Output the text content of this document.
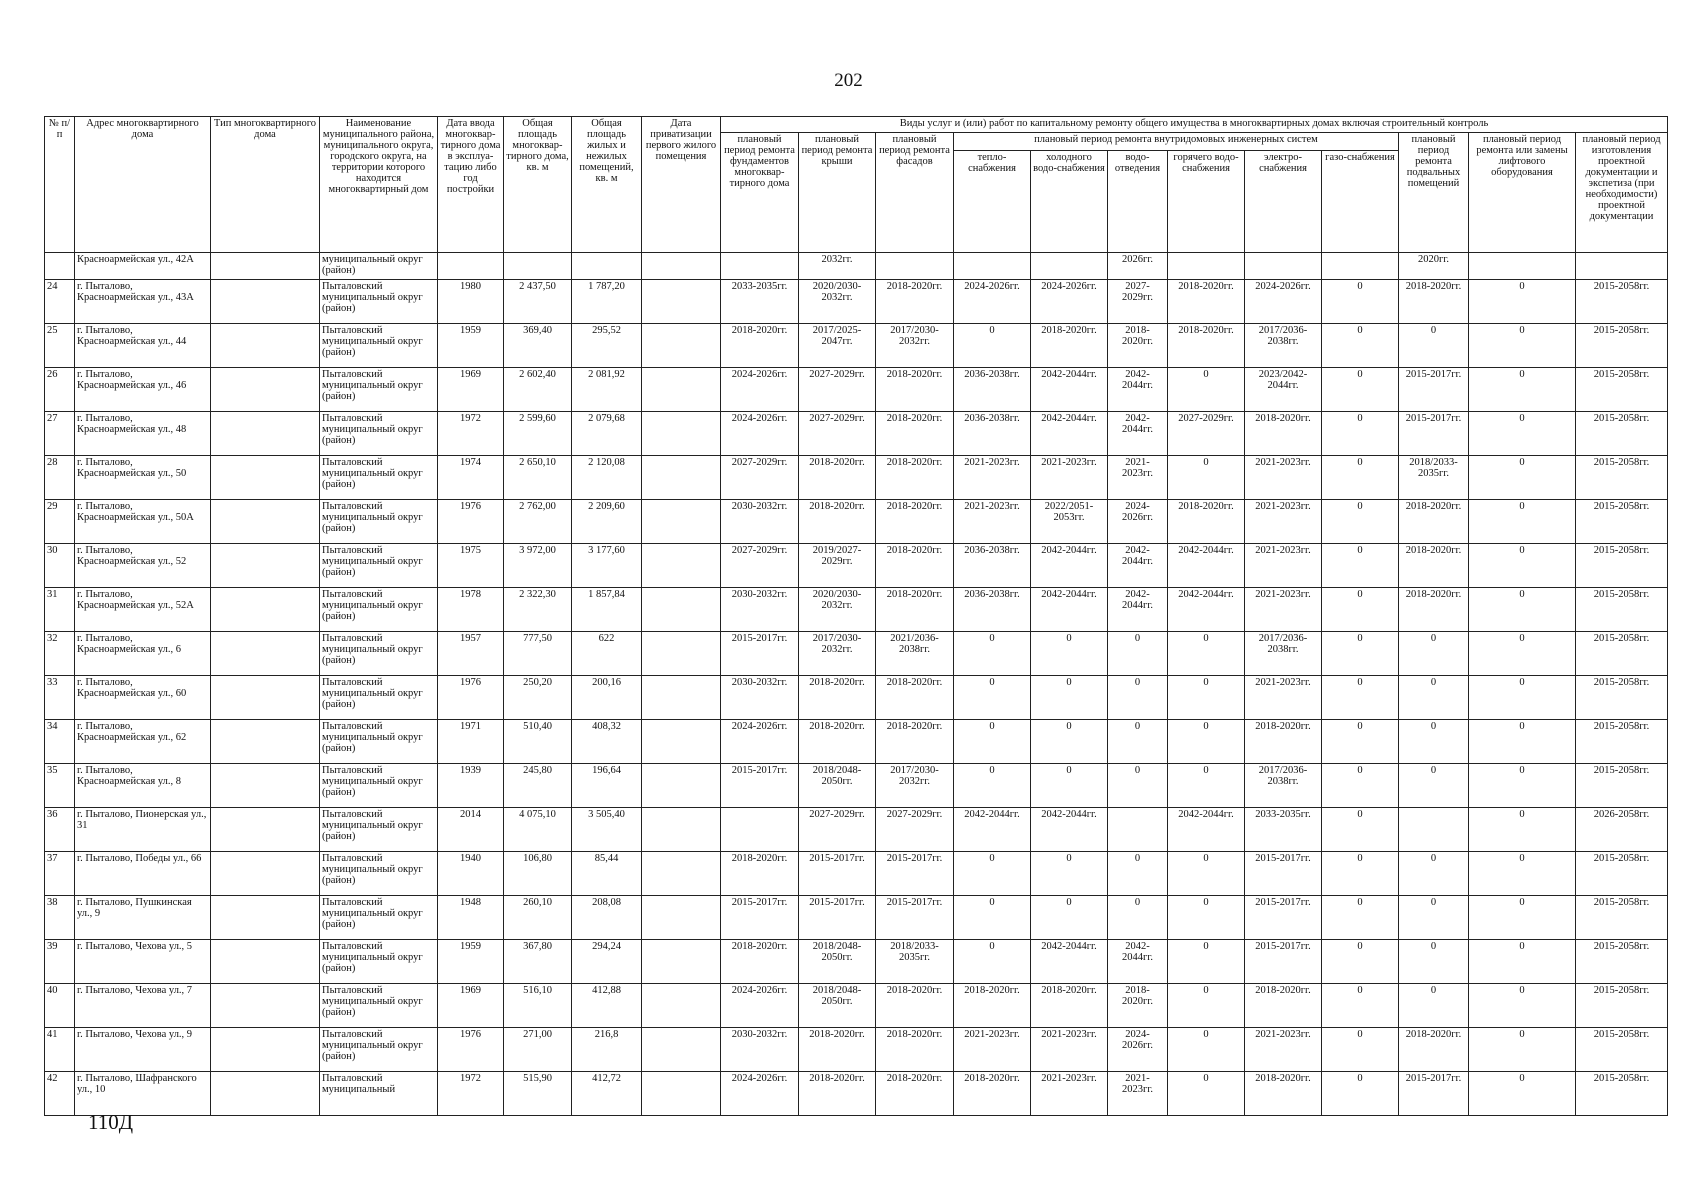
202
№ п/п	Адрес многоквартирного дома	Тип многоквартирного дома	Наименование муниципального района, муниципального округа, городского округа, на территории которого находится многоквартирный дом	Дата ввода многоквар-тирного дома в эксплуа-тацию либо год постройки	Общая площадь многоквар-тирного дома, кв. м	Общая площадь жилых и нежилых помещений, кв. м	Дата приватизации первого жилого помещения	Виды услуг и (или) работ по капитальному ремонту общего имущества в многоквартирных домах включая строительный контроль											
								плановый период ремонта фундаментов многоквар-тирного дома	плановый период ремонта крыши	плановый период ремонта фасадов	плановый период ремонта внутридомовых инженерных систем						плановый период ремонта подвальных помещений	плановый период ремонта или замены лифтового оборудования	плановый период изготовления проектной документации и экспетиза (при необходимости) проектной документации
											тепло-снабжения	холодного водо-снабжения	водо-отведения	горячего водо-снабжения	электро-снабжения	газо-снабжения			
	Красноармейская ул., 42А		муниципальный округ (район)						2032гг.				2026гг.				2020гг.		
24	г. Пыталово, Красноармейская ул., 43А		Пыталовский муниципальный округ (район)	1980	2 437,50	1 787,20		2033-2035гг.	2020/2030-2032гг.	2018-2020гг.	2024-2026гг.	2024-2026гг.	2027-2029гг.	2018-2020гг.	2024-2026гг.	0	2018-2020гг.	0	2015-2058гг.
25	г. Пыталово, Красноармейская ул., 44		Пыталовский муниципальный округ (район)	1959	369,40	295,52		2018-2020гг.	2017/2025-2047гг.	2017/2030-2032гг.	0	2018-2020гг.	2018-2020гг.	2018-2020гг.	2017/2036-2038гг.	0	0	0	2015-2058гг.
26	г. Пыталово, Красноармейская ул., 46		Пыталовский муниципальный округ (район)	1969	2 602,40	2 081,92		2024-2026гг.	2027-2029гг.	2018-2020гг.	2036-2038гг.	2042-2044гг.	2042-2044гг.	0	2023/2042-2044гг.	0	2015-2017гг.	0	2015-2058гг.
27	г. Пыталово, Красноармейская ул., 48		Пыталовский муниципальный округ (район)	1972	2 599,60	2 079,68		2024-2026гг.	2027-2029гг.	2018-2020гг.	2036-2038гг.	2042-2044гг.	2042-2044гг.	2027-2029гг.	2018-2020гг.	0	2015-2017гг.	0	2015-2058гг.
28	г. Пыталово, Красноармейская ул., 50		Пыталовский муниципальный округ (район)	1974	2 650,10	2 120,08		2027-2029гг.	2018-2020гг.	2018-2020гг.	2021-2023гг.	2021-2023гг.	2021-2023гг.	0	2021-2023гг.	0	2018/2033-2035гг.	0	2015-2058гг.
29	г. Пыталово, Красноармейская ул., 50А		Пыталовский муниципальный округ (район)	1976	2 762,00	2 209,60		2030-2032гг.	2018-2020гг.	2018-2020гг.	2021-2023гг.	2022/2051-2053гг.	2024-2026гг.	2018-2020гг.	2021-2023гг.	0	2018-2020гг.	0	2015-2058гг.
30	г. Пыталово, Красноармейская ул., 52		Пыталовский муниципальный округ (район)	1975	3 972,00	3 177,60		2027-2029гг.	2019/2027-2029гг.	2018-2020гг.	2036-2038гг.	2042-2044гг.	2042-2044гг.	2042-2044гг.	2021-2023гг.	0	2018-2020гг.	0	2015-2058гг.
31	г. Пыталово, Красноармейская ул., 52А		Пыталовский муниципальный округ (район)	1978	2 322,30	1 857,84		2030-2032гг.	2020/2030-2032гг.	2018-2020гг.	2036-2038гг.	2042-2044гг.	2042-2044гг.	2042-2044гг.	2021-2023гг.	0	2018-2020гг.	0	2015-2058гг.
32	г. Пыталово, Красноармейская ул., 6		Пыталовский муниципальный округ (район)	1957	777,50	622		2015-2017гг.	2017/2030-2032гг.	2021/2036-2038гг.	0	0	0	0	2017/2036-2038гг.	0	0	0	2015-2058гг.
33	г. Пыталово, Красноармейская ул., 60		Пыталовский муниципальный округ (район)	1976	250,20	200,16		2030-2032гг.	2018-2020гг.	2018-2020гг.	0	0	0	0	2021-2023гг.	0	0	0	2015-2058гг.
34	г. Пыталово, Красноармейская ул., 62		Пыталовский муниципальный округ (район)	1971	510,40	408,32		2024-2026гг.	2018-2020гг.	2018-2020гг.	0	0	0	0	2018-2020гг.	0	0	0	2015-2058гг.
35	г. Пыталово, Красноармейская ул., 8		Пыталовский муниципальный округ (район)	1939	245,80	196,64		2015-2017гг.	2018/2048-2050гг.	2017/2030-2032гг.	0	0	0	0	2017/2036-2038гг.	0	0	0	2015-2058гг.
36	г. Пыталово, Пионерская ул., 31		Пыталовский муниципальный округ (район)	2014	4 075,10	3 505,40			2027-2029гг.	2027-2029гг.	2042-2044гг.	2042-2044гг.		2042-2044гг.	2033-2035гг.	0		0	2026-2058гг.
37	г. Пыталово, Победы ул., 66		Пыталовский муниципальный округ (район)	1940	106,80	85,44		2018-2020гг.	2015-2017гг.	2015-2017гг.	0	0	0	0	2015-2017гг.	0	0	0	2015-2058гг.
38	г. Пыталово, Пушкинская ул., 9		Пыталовский муниципальный округ (район)	1948	260,10	208,08		2015-2017гг.	2015-2017гг.	2015-2017гг.	0	0	0	0	2015-2017гг.	0	0	0	2015-2058гг.
39	г. Пыталово, Чехова ул., 5		Пыталовский муниципальный округ (район)	1959	367,80	294,24		2018-2020гг.	2018/2048-2050гг.	2018/2033-2035гг.	0	2042-2044гг.	2042-2044гг.	0	2015-2017гг.	0	0	0	2015-2058гг.
40	г. Пыталово, Чехова ул., 7		Пыталовский муниципальный округ (район)	1969	516,10	412,88		2024-2026гг.	2018/2048-2050гг.	2018-2020гг.	2018-2020гг.	2018-2020гг.	2018-2020гг.	0	2018-2020гг.	0	0	0	2015-2058гг.
41	г. Пыталово, Чехова ул., 9		Пыталовский муниципальный округ (район)	1976	271,00	216,8		2030-2032гг.	2018-2020гг.	2018-2020гг.	2021-2023гг.	2021-2023гг.	2024-2026гг.	0	2021-2023гг.	0	2018-2020гг.	0	2015-2058гг.
42	г. Пыталово, Шафранского ул., 10		Пыталовский муниципальный	1972	515,90	412,72		2024-2026гг.	2018-2020гг.	2018-2020гг.	2018-2020гг.	2021-2023гг.	2021-2023гг.	0	2018-2020гг.	0	2015-2017гг.	0	2015-2058гг.
110Д
